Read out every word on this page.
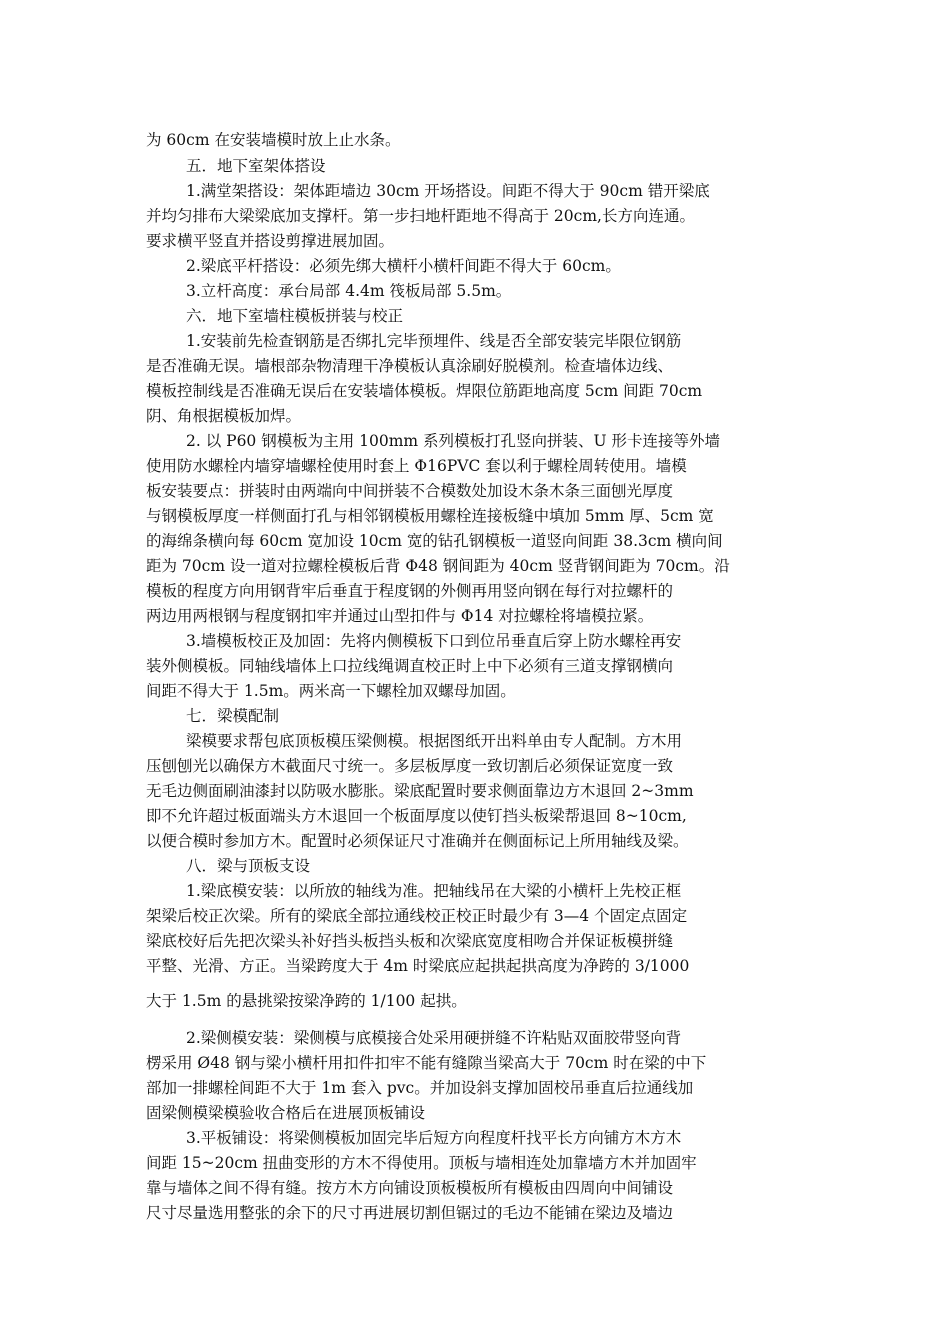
为 60cm 在安装墙模时放上止水条。
五．地下室架体搭设
1.满堂架搭设：架体距墙边 30cm 开场搭设。间距不得大于 90cm 错开梁底
并均匀排布大梁梁底加支撑杆。第一步扫地杆距地不得高于 20cm,长方向连通。
要求横平竖直并搭设剪撑进展加固。
2.梁底平杆搭设：必须先绑大横杆小横杆间距不得大于 60cm。
3.立杆高度：承台局部 4.4m 筏板局部 5.5m。
六．地下室墙柱模板拼装与校正
1.安装前先检查钢筋是否绑扎完毕预埋件、线是否全部安装完毕限位钢筋
是否准确无误。墙根部杂物清理干净模板认真涂刷好脱模剂。检查墙体边线、
模板控制线是否准确无误后在安装墙体模板。焊限位筋距地高度 5cm 间距 70cm
阴、角根据模板加焊。
2. 以 P60 钢模板为主用 100mm 系列模板打孔竖向拼装、U 形卡连接等外墙
使用防水螺栓内墙穿墙螺栓使用时套上 Φ16PVC 套以利于螺栓周转使用。墙模
板安装要点：拼装时由两端向中间拼装不合模数处加设木条木条三面刨光厚度
与钢模板厚度一样侧面打孔与相邻钢模板用螺栓连接板缝中填加 5mm 厚、5cm 宽
的海绵条横向每 60cm 宽加设 10cm 宽的钻孔钢模板一道竖向间距 38.3cm 横向间
距为 70cm 设一道对拉螺栓模板后背 Φ48 钢间距为 40cm 竖背钢间距为 70cm。沿
模板的程度方向用钢背牢后垂直于程度钢的外侧再用竖向钢在每行对拉螺杆的
两边用两根钢与程度钢扣牢并通过山型扣件与 Φ14 对拉螺栓将墙模拉紧。
3.墙模板校正及加固：先将内侧模板下口到位吊垂直后穿上防水螺栓再安
装外侧模板。同轴线墙体上口拉线绳调直校正时上中下必须有三道支撑钢横向
间距不得大于 1.5m。两米高一下螺栓加双螺母加固。
七．梁模配制
梁模要求帮包底顶板模压梁侧模。根据图纸开出料单由专人配制。方木用
压刨刨光以确保方木截面尺寸统一。多层板厚度一致切割后必须保证宽度一致
无毛边侧面刷油漆封以防吸水膨胀。梁底配置时要求侧面靠边方木退回 2~3mm
即不允许超过板面端头方木退回一个板面厚度以使钉挡头板梁帮退回 8~10cm,
以便合模时参加方木。配置时必须保证尺寸准确并在侧面标记上所用轴线及梁。
八．梁与顶板支设
1.梁底模安装：以所放的轴线为准。把轴线吊在大梁的小横杆上先校正框
架梁后校正次梁。所有的梁底全部拉通线校正校正时最少有 3—4 个固定点固定
梁底校好后先把次梁头补好挡头板挡头板和次梁底宽度相吻合并保证板模拼缝
平整、光滑、方正。当梁跨度大于 4m 时梁底应起拱起拱高度为净跨的 3/1000
大于 1.5m 的悬挑梁按梁净跨的 1/100 起拱。
2.梁侧模安装：梁侧模与底模接合处采用硬拼缝不许粘贴双面胶带竖向背
楞采用 Ø48 钢与梁小横杆用扣件扣牢不能有缝隙当梁高大于 70cm 时在梁的中下
部加一排螺栓间距不大于 1m 套入 pvc。并加设斜支撑加固校吊垂直后拉通线加
固梁侧模梁模验收合格后在进展顶板铺设
3.平板铺设：将梁侧模板加固完毕后短方向程度杆找平长方向铺方木方木
间距 15~20cm 扭曲变形的方木不得使用。顶板与墙相连处加靠墙方木并加固牢
靠与墙体之间不得有缝。按方木方向铺设顶板模板所有模板由四周向中间铺设
尺寸尽量选用整张的余下的尺寸再进展切割但锯过的毛边不能铺在梁边及墙边
